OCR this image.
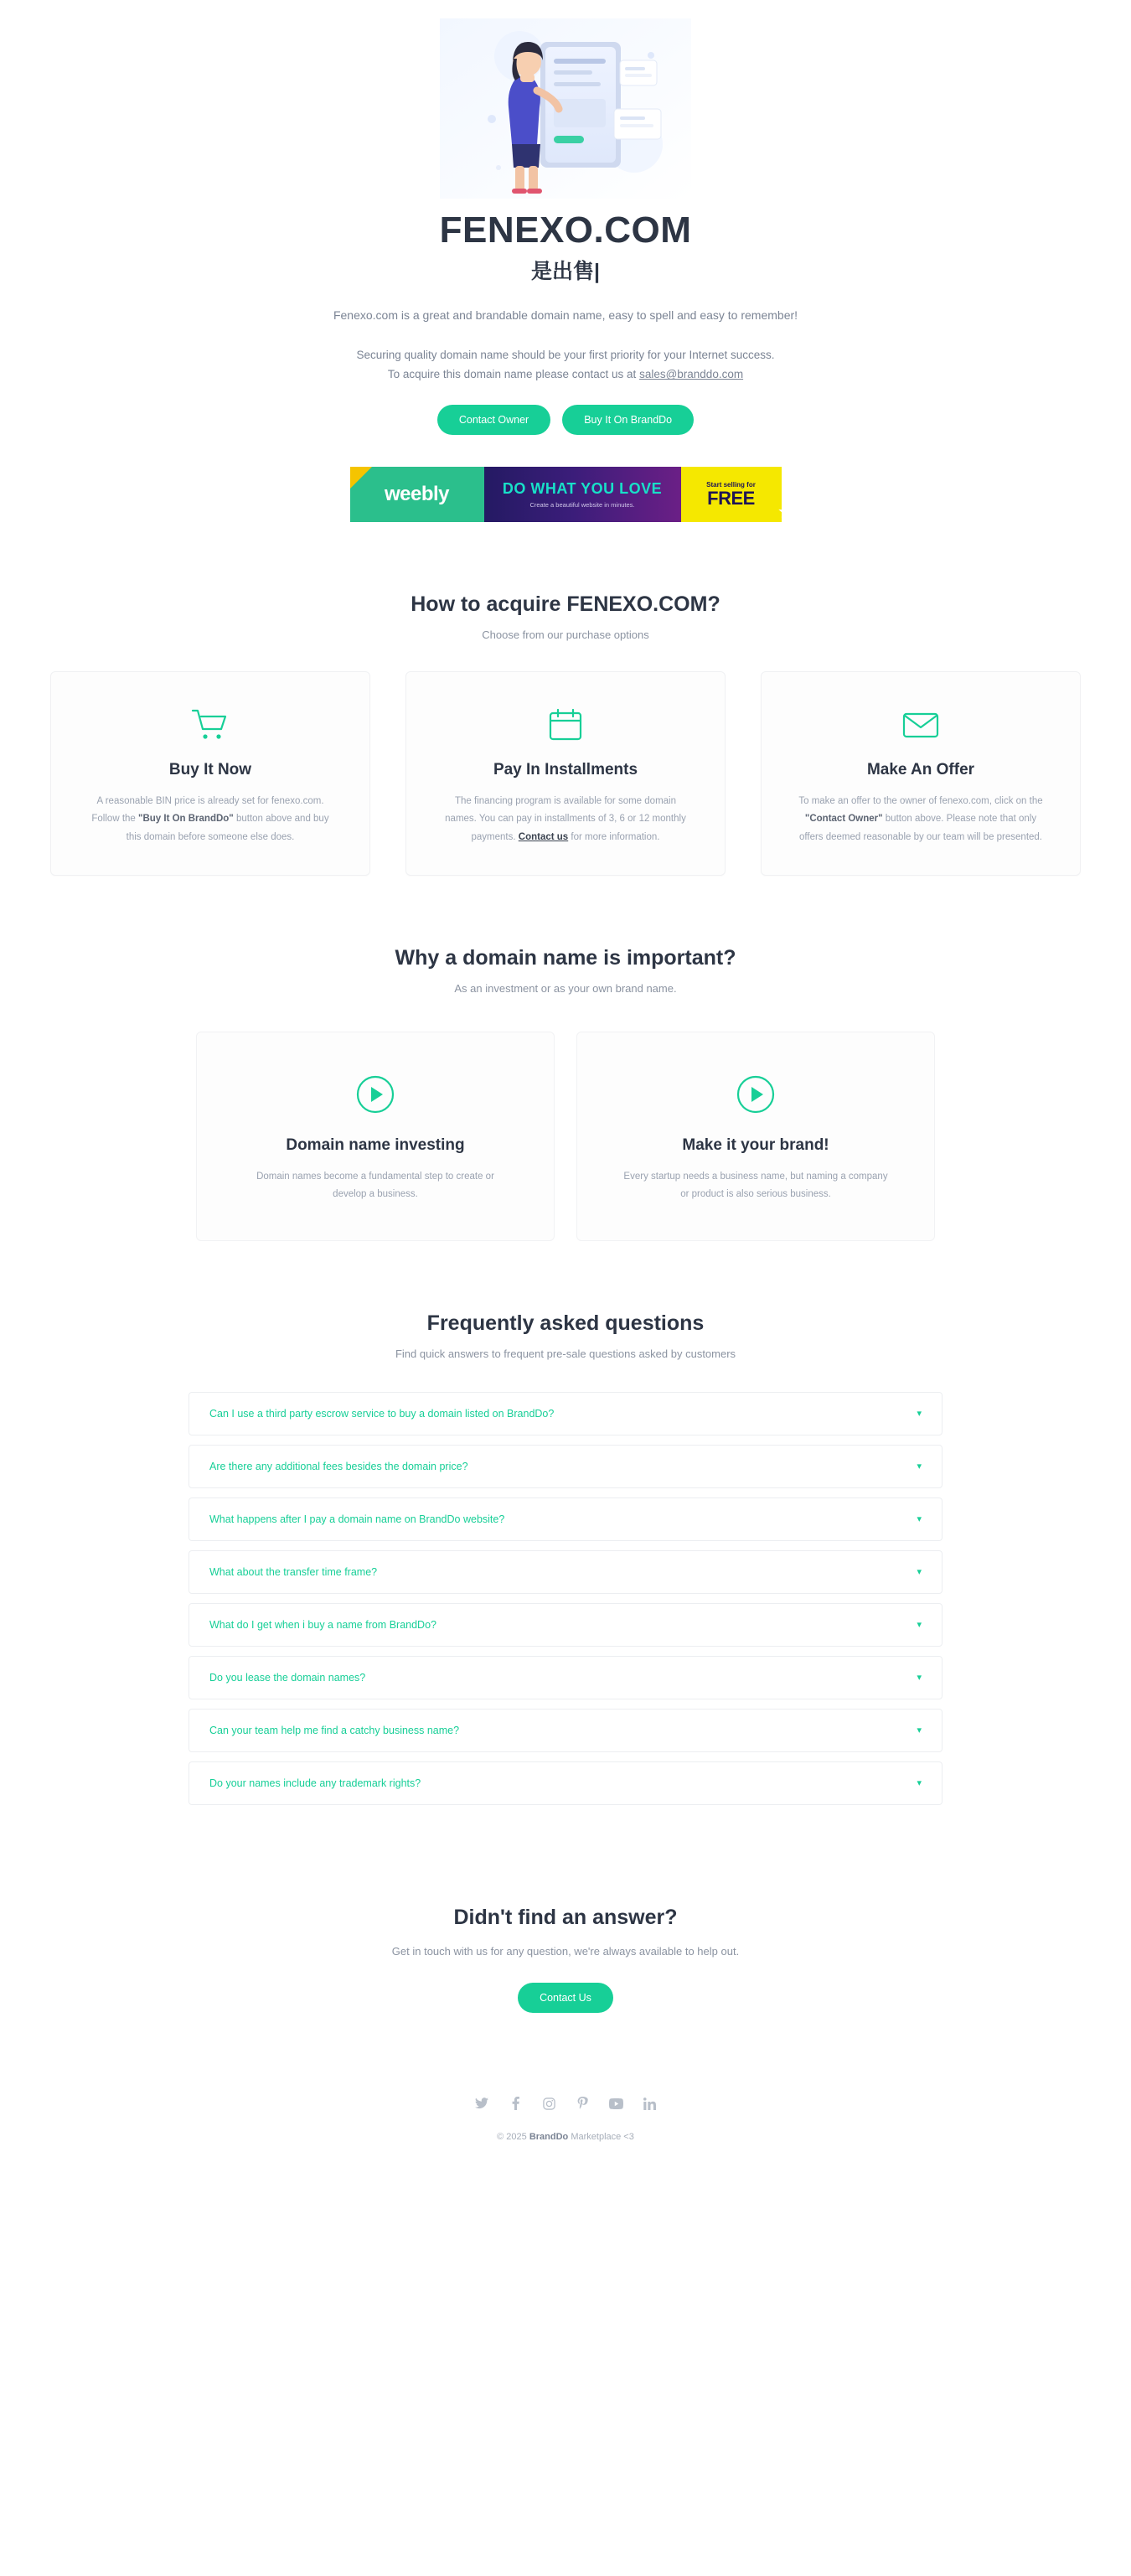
FENEXO.COM
是出售|

Fenexo.com is a great and brandable domain name, easy to spell and easy to remember!

Securing quality domain name should be your first priority for your Internet success.
To acquire this domain name please contact us at sales@branddo.com

Contact Owner	Buy It On BrandDo
weebly	DO WHAT YOU LOVE
Create a beautiful website in minutes.
Start selling for
FREE
➤
How to acquire FENEXO.COM?

Choose from our purchase options

Buy It Now

A reasonable BIN price is already set for fenexo.com. Follow the "Buy It On BrandDo" button above and buy this domain before someone else does.

Pay In Installments

The financing program is available for some domain names. You can pay in installments of 3, 6 or 12 monthly payments. Contact us for more information.

Make An Offer

To make an offer to the owner of fenexo.com, click on the "Contact Owner" button above. Please note that only offers deemed reasonable by our team will be presented.

Why a domain name is important?

As an investment or as your own brand name.

Domain name investing

Domain names become a fundamental step to create or develop a business.

Make it your brand!

Every startup needs a business name, but naming a company or product is also serious business.

Frequently asked questions

Find quick answers to frequent pre-sale questions asked by customers

Can I use a third party escrow service to buy a domain listed on BrandDo?	▾
Are there any additional fees besides the domain price?	▾
What happens after I pay a domain name on BrandDo website?	▾
What about the transfer time frame?	▾
What do I get when i buy a name from BrandDo?	▾
Do you lease the domain names?	▾
Can your team help me find a catchy business name?	▾
Do your names include any trademark rights?	▾
Didn't find an answer?

Get in touch with us for any question, we're always available to help out.

Contact Us
© 2025 BrandDo Marketplace <3
